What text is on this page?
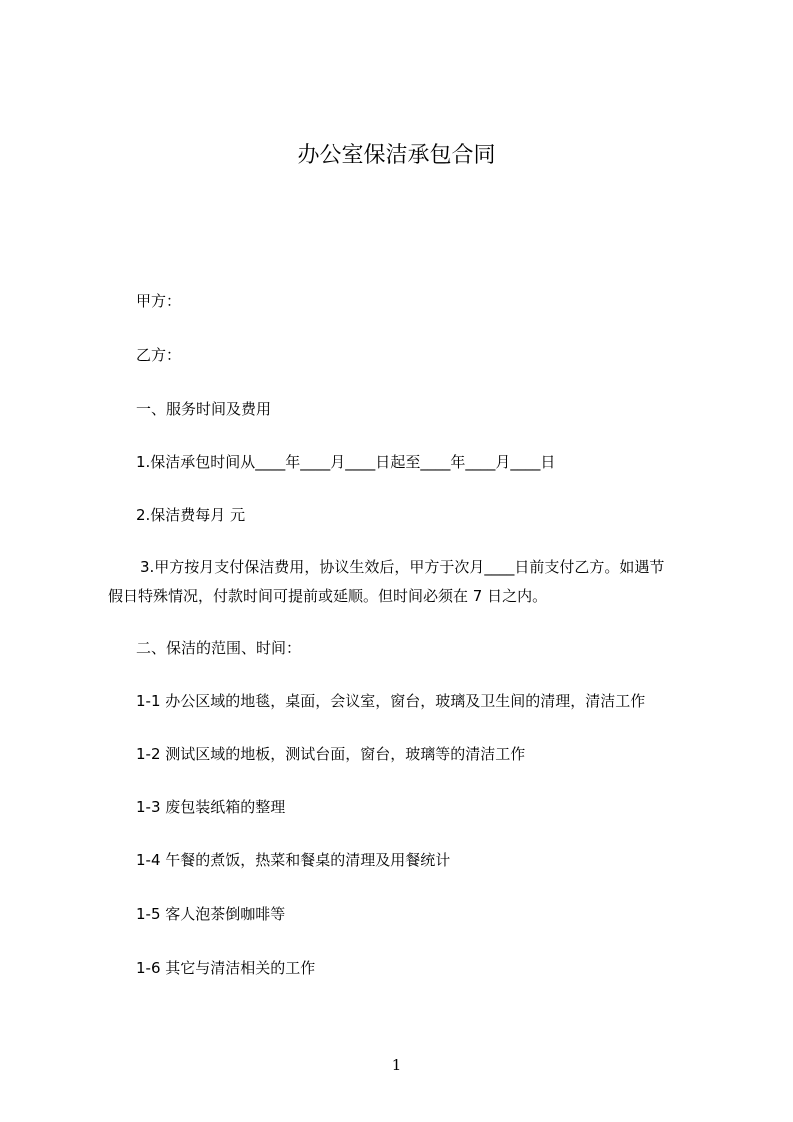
办公室保洁承包合同
甲方：
乙方：
一、服务时间及费用
1.保洁承包时间从____年____月____日起至____年____月____日
2.保洁费每月 元
3.甲方按月支付保洁费用，协议生效后，甲方于次月____日前支付乙方。如遇节
假日特殊情况，付款时间可提前或延顺。但时间必须在 7 日之内。
二、保洁的范围、时间：
1-1 办公区域的地毯，桌面，会议室，窗台，玻璃及卫生间的清理，清洁工作
1-2 测试区域的地板，测试台面，窗台，玻璃等的清洁工作
1-3 废包装纸箱的整理
1-4 午餐的煮饭，热菜和餐桌的清理及用餐统计
1-5 客人泡茶倒咖啡等
1-6 其它与清洁相关的工作
1
